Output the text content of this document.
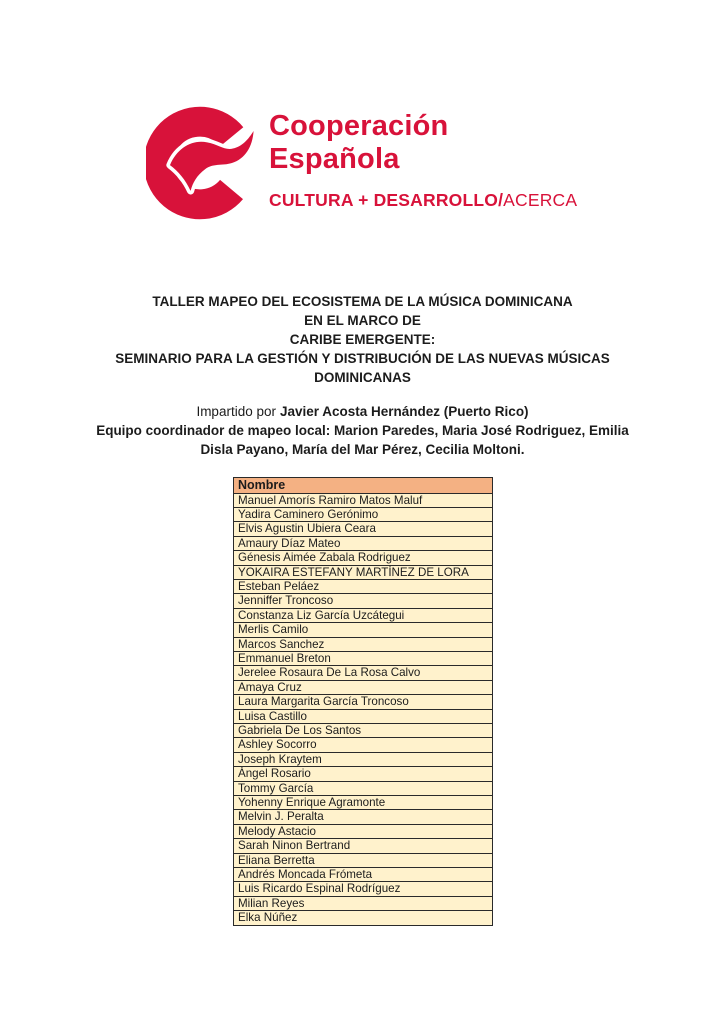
Cooperación
Española
CULTURA + DESARROLLO/ACERCA
TALLER MAPEO DEL ECOSISTEMA DE LA MÚSICA DOMINICANA
EN EL MARCO DE
CARIBE EMERGENTE:
SEMINARIO PARA LA GESTIÓN Y DISTRIBUCIÓN DE LAS NUEVAS MÚSICAS
DOMINICANAS
Impartido por Javier Acosta Hernández (Puerto Rico)
Equipo coordinador de mapeo local: Marion Paredes, Maria José Rodriguez, Emilia
Disla Payano, María del Mar Pérez, Cecilia Moltoni.
Nombre
Manuel Amorís Ramiro Matos Maluf
Yadira Caminero Gerónimo
Elvis Agustin Ubiera Ceara
Amaury Díaz Mateo
Génesis Aimée Zabala Rodriguez
YOKAIRA ESTEFANY MARTÍNEZ DE LORA
Esteban Peláez
Jenniffer Troncoso
Constanza Liz García Uzcátegui
Merlis Camilo
Marcos Sanchez
Emmanuel Breton
Jerelee Rosaura De La Rosa Calvo
Amaya Cruz
Laura Margarita García Troncoso
Luisa Castillo
Gabriela De Los Santos
Ashley Socorro
Joseph Kraytem
Ángel Rosario
Tommy García
Yohenny Enrique Agramonte
Melvin J. Peralta
Melody Astacio
Sarah Ninon Bertrand
Eliana Berretta
Andrés Moncada Frómeta
Luis Ricardo Espinal Rodríguez
Milian Reyes
Elka Núñez
